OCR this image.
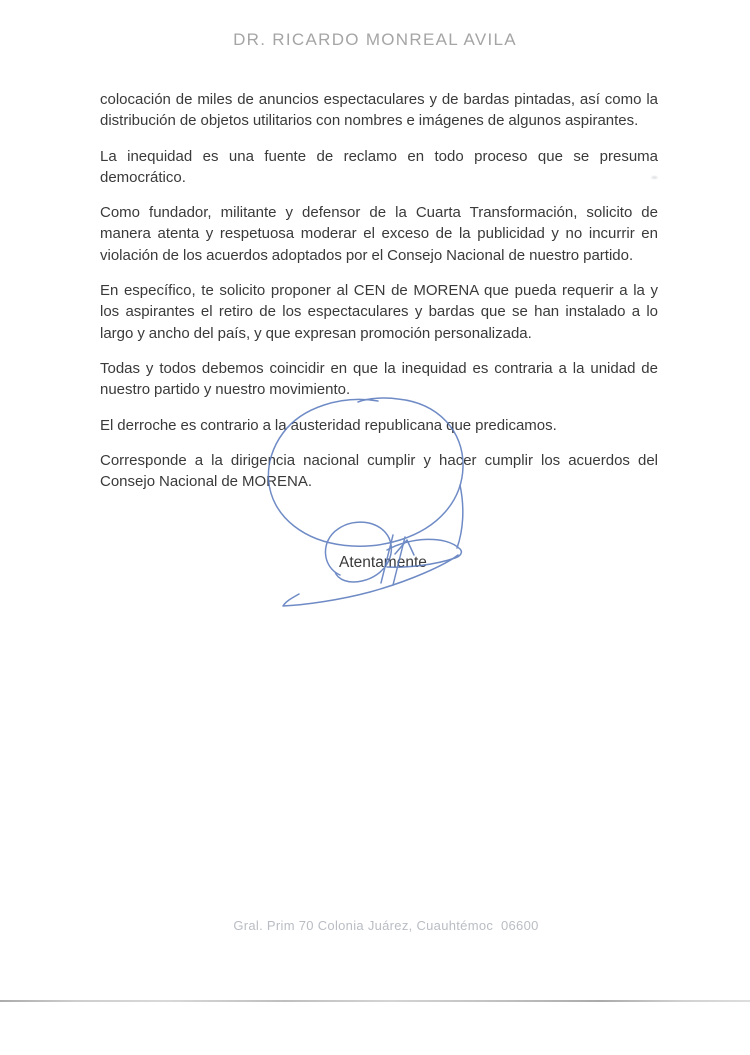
DR. RICARDO MONREAL AVILA

colocación de miles de anuncios espectaculares y de bardas pintadas, así como la distribución de objetos utilitarios con nombres e imágenes de algunos aspirantes.

La inequidad es una fuente de reclamo en todo proceso que se presuma democrático.

Como fundador, militante y defensor de la Cuarta Transformación, solicito de manera atenta y respetuosa moderar el exceso de la publicidad y no incurrir en violación de los acuerdos adoptados por el Consejo Nacional de nuestro partido.

En específico, te solicito proponer al CEN de MORENA que pueda requerir a la y los aspirantes el retiro de los espectaculares y bardas que se han instalado a lo largo y ancho del país, y que expresan promoción personalizada.

Todas y todos debemos coincidir en que la inequidad es contraria a la unidad de nuestro partido y nuestro movimiento.

El derroche es contrario a la austeridad republicana que predicamos.

Corresponde a la dirigencia nacional cumplir y hacer cumplir los acuerdos del Consejo Nacional de MORENA.

Atentamente
Gral. Prim 70 Colonia Juárez, Cuauhtémoc  06600
